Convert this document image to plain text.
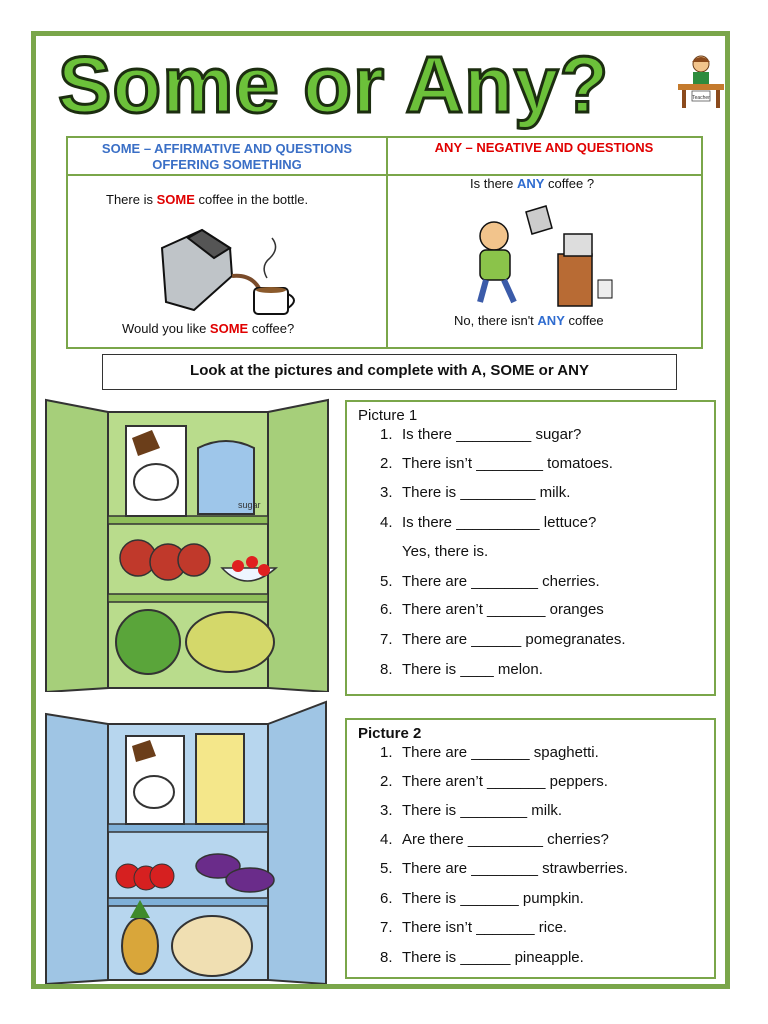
Some or Any?	Teacher
SOME – AFFIRMATIVE AND QUESTIONS OFFERING SOMETHING
ANY – NEGATIVE AND QUESTIONS
There is SOME coffee in the bottle.
Would you like SOME coffee?
Is there ANY coffee ?
No, there isn't ANY coffee
Look at the pictures and complete with A, SOME or ANY
sugar
Picture 1
1. Is there _________ sugar?
2. There isn’t ________ tomatoes.
3. There is _________ milk.
4. Is there __________ lettuce?
Yes, there is.
5. There are ________ cherries.
6. There aren’t _______ oranges
7. There are ______ pomegranates.
8. There is ____ melon.
Picture 2
1. There are _______ spaghetti.
2. There aren’t _______ peppers.
3. There is ________ milk.
4. Are there _________ cherries?
5. There are ________ strawberries.
6. There is _______ pumpkin.
7. There isn’t _______ rice.
8. There is ______ pineapple.
